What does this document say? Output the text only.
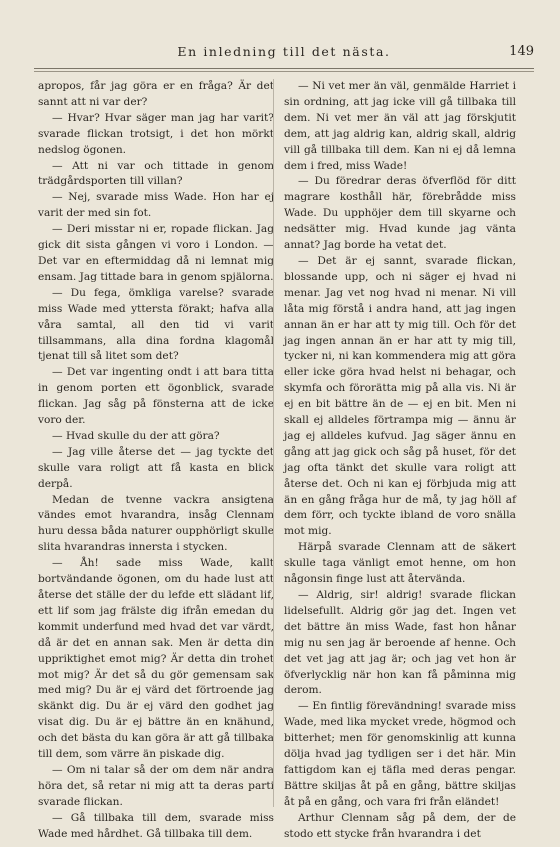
En inledning till det nästa.	149

apropos, får jag göra er en fråga? Är det sannt att ni var der?

— Hvar? Hvar säger man jag har varit? svarade flickan trotsigt, i det hon mörkt nedslog ögonen.

— Att ni var och tittade in genom trädgårdsporten till villan?

— Nej, svarade miss Wade. Hon har ej varit der med sin fot.

— Deri misstar ni er, ropade flickan. Jag gick dit sista gången vi voro i London. — Det var en eftermiddag då ni lemnat mig ensam. Jag tittade bara in genom spjälorna.

— Du fega, ömkliga varelse? svarade miss Wade med yttersta förakt; hafva alla våra samtal, all den tid vi varit tillsammans, alla dina fordna klagomål tjenat till så litet som det?

— Det var ingenting ondt i att bara titta in genom porten ett ögonblick, svarade flickan. Jag såg på fönsterna att de icke voro der.

— Hvad skulle du der att göra?

— Jag ville återse det — jag tyckte det skulle vara roligt att få kasta en blick derpå.

Medan de tvenne vackra ansigtena vändes emot hvarandra, insåg Clennam huru dessa båda naturer oupphörligt skulle slita hvarandras innersta i stycken.

— Åh! sade miss Wade, kallt bortvändande ögonen, om du hade lust att återse det ställe der du lefde ett slädant lif, ett lif som jag frälste dig ifrån emedan du kommit underfund med hvad det var värdt, då är det en annan sak. Men är detta din uppriktighet emot mig? Är detta din trohet mot mig? Är det så du gör gemensam sak med mig? Du är ej värd det förtroende jag skänkt dig. Du är ej värd den godhet jag visat dig. Du är ej bättre än en knähund, och det bästa du kan göra är att gå tillbaka till dem, som värre än piskade dig.

— Om ni talar så der om dem när andra höra det, så retar ni mig att ta deras parti svarade flickan.

— Gå tillbaka till dem, svarade miss Wade med hårdhet. Gå tillbaka till dem.

— Ni vet mer än väl, genmälde Harriet i sin ordning, att jag icke vill gå tillbaka till dem. Ni vet mer än väl att jag förskjutit dem, att jag aldrig kan, aldrig skall, aldrig vill gå tillbaka till dem. Kan ni ej då lemna dem i fred, miss Wade!

— Du föredrar deras öfverflöd för ditt magrare kosthåll här, förebrådde miss Wade. Du upphöjer dem till skyarne och nedsätter mig. Hvad kunde jag vänta annat? Jag borde ha vetat det.

— Det är ej sannt, svarade flickan, blossande upp, och ni säger ej hvad ni menar. Jag vet nog hvad ni menar. Ni vill låta mig förstå i andra hand, att jag ingen annan än er har att ty mig till. Och för det jag ingen annan än er har att ty mig till, tycker ni, ni kan kommendera mig att göra eller icke göra hvad helst ni behagar, och skymfa och förorätta mig på alla vis. Ni är ej en bit bättre än de — ej en bit. Men ni skall ej alldeles förtrampa mig — ännu är jag ej alldeles kufvud. Jag säger ännu en gång att jag gick och såg på huset, för det jag ofta tänkt det skulle vara roligt att återse det. Och ni kan ej förbjuda mig att än en gång fråga hur de må, ty jag höll af dem förr, och tyckte ibland de voro snälla mot mig.

Härpå svarade Clennam att de säkert skulle taga vänligt emot henne, om hon någonsin finge lust att återvända.

— Aldrig, sir! aldrig! svarade flickan lidelsefullt. Aldrig gör jag det. Ingen vet det bättre än miss Wade, fast hon hånar mig nu sen jag är beroende af henne. Och det vet jag att jag är; och jag vet hon är öfverlycklig när hon kan få påminna mig derom.

— En fintlig förevändning! svarade miss Wade, med lika mycket vrede, högmod och bitterhet; men för genomskinlig att kunna dölja hvad jag tydligen ser i det här. Min fattigdom kan ej täfla med deras pengar. Bättre skiljas åt på en gång, bättre skiljas åt på en gång, och vara fri från eländet!

Arthur Clennam såg på dem, der de stodo ett stycke från hvarandra i det
